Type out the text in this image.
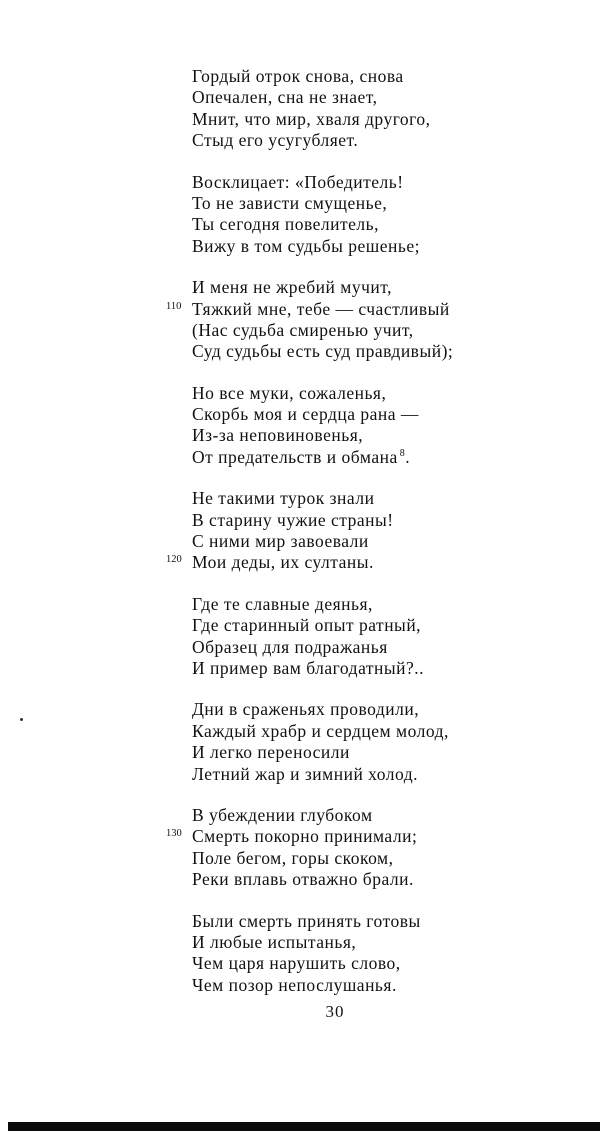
Гордый отрок снова, снова
Опечален, сна не знает,
Мнит, что мир, хваля другого,
Стыд его усугубляет.
Восклицает: «Победитель!
То не зависти смущенье,
Ты сегодня повелитель,
Вижу в том судьбы решенье;
И меня не жребий мучит,
110 Тяжкий мне, тебе — счастливый
(Нас судьба смиренью учит,
Суд судьбы есть суд правдивый);
Но все муки, сожаленья,
Скорбь моя и сердца рана —
Из-за неповиновенья,
От предательств и обмана $^8$.
Не такими турок знали
В старину чужие страны!
С ними мир завоевали
120 Мои деды, их султаны.
Где те славные деянья,
Где старинный опыт ратный,
Образец для подражанья
И пример вам благодатный?..
Дни в сраженьях проводили,
Каждый храбр и сердцем молод,
И легко переносили
Летний жар и зимний холод.
В убеждении глубоком
130 Смерть покорно принимали;
Поле бегом, горы скоком,
Реки вплавь отважно брали.
Были смерть принять готовы
И любые испытанья,
Чем царя нарушить слово,
Чем позор непослушанья.
30
